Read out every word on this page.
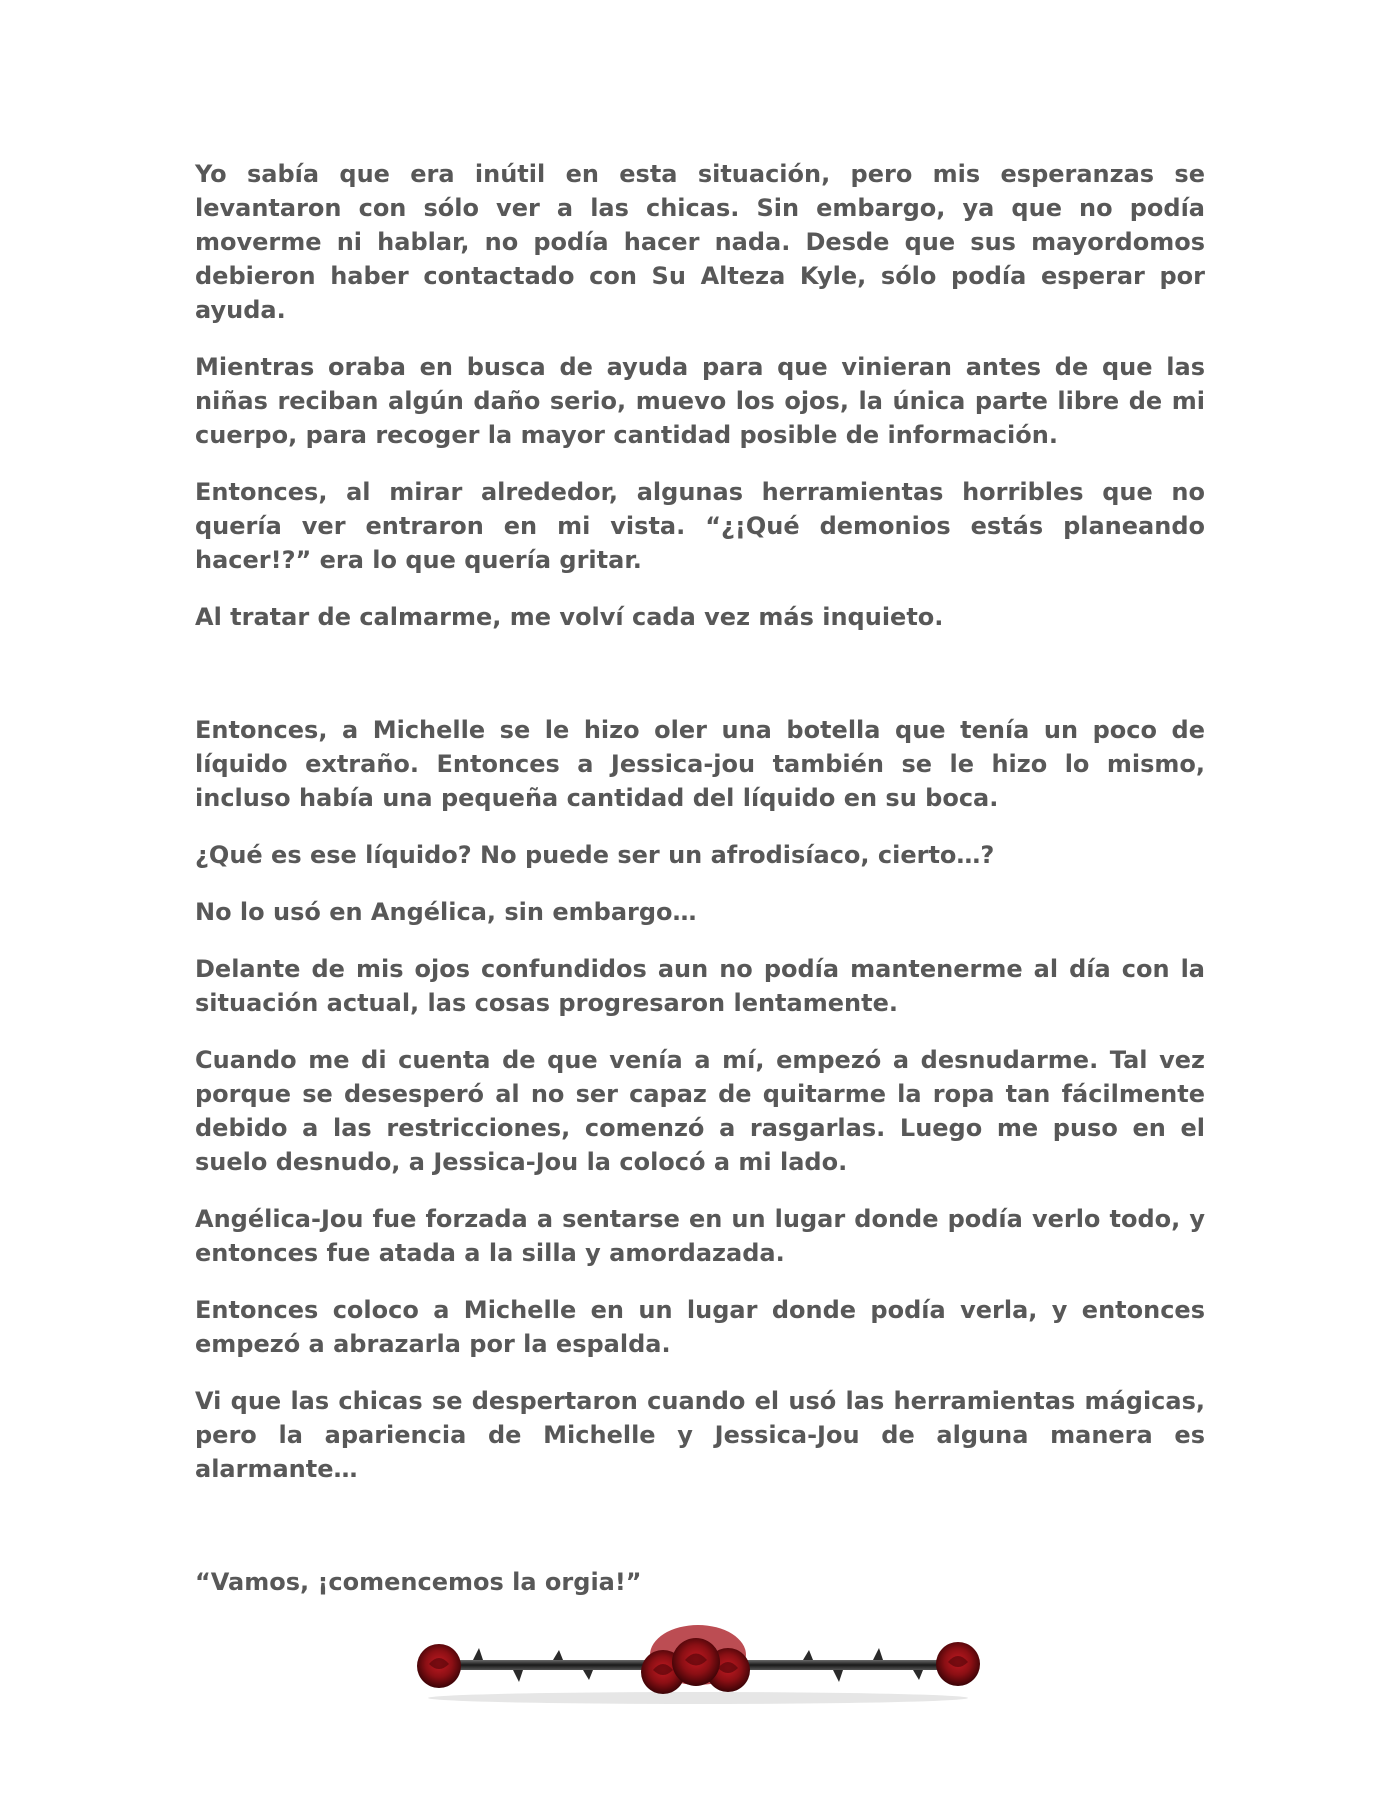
Yo sabía que era inútil en esta situación, pero mis esperanzas se levantaron con sólo ver a las chicas. Sin embargo, ya que no podía moverme ni hablar, no podía hacer nada. Desde que sus mayordomos debieron haber contactado con Su Alteza Kyle, sólo podía esperar por ayuda.

Mientras oraba en busca de ayuda para que vinieran antes de que las niñas reciban algún daño serio, muevo los ojos, la única parte libre de mi cuerpo, para recoger la mayor cantidad posible de información.

Entonces, al mirar alrededor, algunas herramientas horribles que no quería ver entraron en mi vista. “¿¡Qué demonios estás planeando hacer!?” era lo que quería gritar.

Al tratar de calmarme, me volví cada vez más inquieto.

Entonces, a Michelle se le hizo oler una botella que tenía un poco de líquido extraño. Entonces a Jessica-jou también se le hizo lo mismo, incluso había una pequeña cantidad del líquido en su boca.

¿Qué es ese líquido? No puede ser un afrodisíaco, cierto…?

No lo usó en Angélica, sin embargo…

Delante de mis ojos confundidos aun no podía mantenerme al día con la situación actual, las cosas progresaron lentamente.

Cuando me di cuenta de que venía a mí, empezó a desnudarme. Tal vez porque se desesperó al no ser capaz de quitarme la ropa tan fácilmente debido a las restricciones, comenzó a rasgarlas. Luego me puso en el suelo desnudo, a Jessica-Jou la colocó a mi lado.

Angélica-Jou fue forzada a sentarse en un lugar donde podía verlo todo, y entonces fue atada a la silla y amordazada.

Entonces coloco a Michelle en un lugar donde podía verla, y entonces empezó a abrazarla por la espalda.

Vi que las chicas se despertaron cuando el usó las herramientas mágicas, pero la apariencia de Michelle y Jessica-Jou de alguna manera es alarmante…

“Vamos, ¡comencemos la orgia!”
